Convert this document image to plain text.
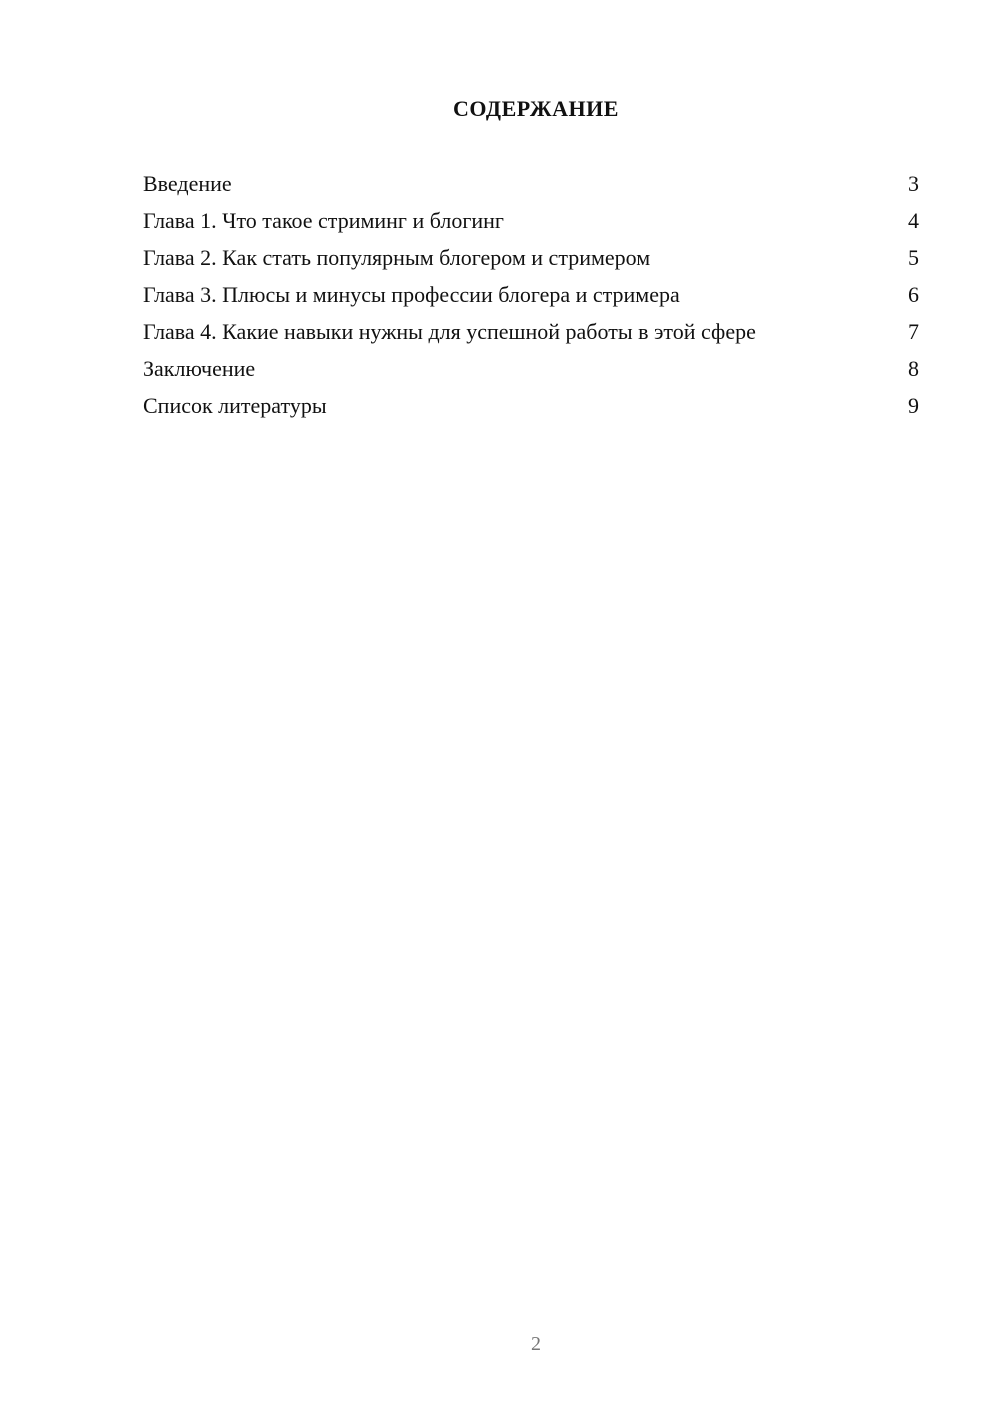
СОДЕРЖАНИЕ
Введение	3
Глава 1. Что такое стриминг и блогинг	4
Глава 2. Как стать популярным блогером и стримером	5
Глава 3. Плюсы и минусы профессии блогера и стримера	6
Глава 4. Какие навыки нужны для успешной работы в этой сфере	7
Заключение	8
Список литературы	9
2
